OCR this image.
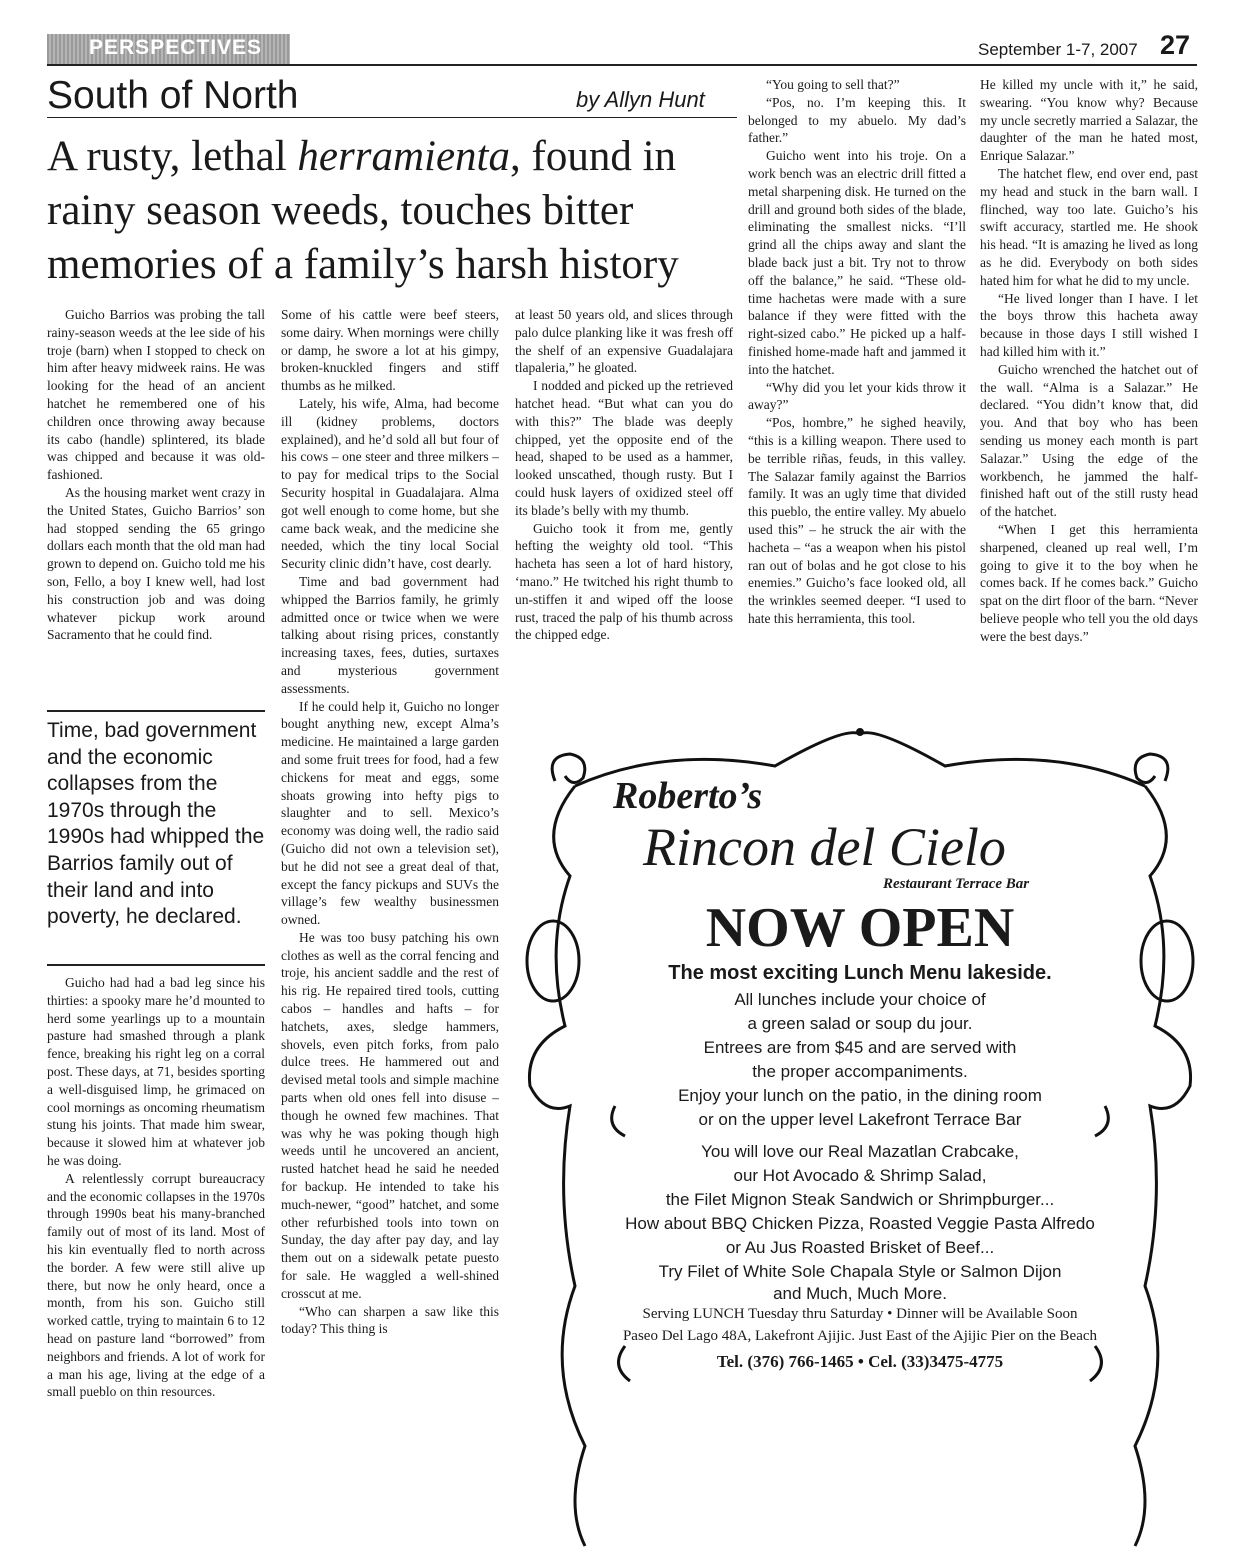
PERSPECTIVES	September 1-7, 2007 27
South of North	by Allyn Hunt
A rusty, lethal herramienta, found in rainy season weeds, touches bitter memories of a family’s harsh history

Guicho Barrios was probing the tall rainy-season weeds at the lee side of his troje (barn) when I stopped to check on him after heavy midweek rains. He was looking for the head of an ancient hatchet he remembered one of his children once throwing away because its cabo (handle) splintered, its blade was chipped and because it was old-fashioned.

As the housing market went crazy in the United States, Guicho Barrios’ son had stopped sending the 65 gringo dollars each month that the old man had grown to depend on. Guicho told me his son, Fello, a boy I knew well, had lost his construction job and was doing whatever pickup work around Sacramento that he could find.

Time, bad government and the economic collapses from the 1970s through the 1990s had whipped the Barrios family out of their land and into poverty, he declared.

Guicho had had a bad leg since his thirties: a spooky mare he’d mounted to herd some yearlings up to a mountain pasture had smashed through a plank fence, breaking his right leg on a corral post. These days, at 71, besides sporting a well-disguised limp, he grimaced on cool mornings as oncoming rheumatism stung his joints. That made him swear, because it slowed him at whatever job he was doing.

A relentlessly corrupt bureaucracy and the economic collapses in the 1970s through 1990s beat his many-branched family out of most of its land. Most of his kin eventually fled to north across the border. A few were still alive up there, but now he only heard, once a month, from his son. Guicho still worked cattle, trying to maintain 6 to 12 head on pasture land “borrowed” from neighbors and friends. A lot of work for a man his age, living at the edge of a small pueblo on thin resources.

Some of his cattle were beef steers, some dairy. When mornings were chilly or damp, he swore a lot at his gimpy, broken-knuckled fingers and stiff thumbs as he milked.

Lately, his wife, Alma, had become ill (kidney problems, doctors explained), and he’d sold all but four of his cows – one steer and three milkers – to pay for medical trips to the Social Security hospital in Guadalajara. Alma got well enough to come home, but she came back weak, and the medicine she needed, which the tiny local Social Security clinic didn’t have, cost dearly.

Time and bad government had whipped the Barrios family, he grimly admitted once or twice when we were talking about rising prices, constantly increasing taxes, fees, duties, surtaxes and mysterious government assessments.

If he could help it, Guicho no longer bought anything new, except Alma’s medicine. He maintained a large garden and some fruit trees for food, had a few chickens for meat and eggs, some shoats growing into hefty pigs to slaughter and to sell. Mexico’s economy was doing well, the radio said (Guicho did not own a television set), but he did not see a great deal of that, except the fancy pickups and SUVs the village’s few wealthy businessmen owned.

He was too busy patching his own clothes as well as the corral fencing and troje, his ancient saddle and the rest of his rig. He repaired tired tools, cutting cabos – handles and hafts – for hatchets, axes, sledge hammers, shovels, even pitch forks, from palo dulce trees. He hammered out and devised metal tools and simple machine parts when old ones fell into disuse – though he owned few machines. That was why he was poking though high weeds until he uncovered an ancient, rusted hatchet head he said he needed for backup. He intended to take his much-newer, “good” hatchet, and some other refurbished tools into town on Sunday, the day after pay day, and lay them out on a sidewalk petate puesto for sale. He waggled a well-shined crosscut at me.

“Who can sharpen a saw like this today? This thing is

at least 50 years old, and slices through palo dulce planking like it was fresh off the shelf of an expensive Guadalajara tlapaleria,” he gloated.

I nodded and picked up the retrieved hatchet head. “But what can you do with this?” The blade was deeply chipped, yet the opposite end of the head, shaped to be used as a hammer, looked unscathed, though rusty. But I could husk layers of oxidized steel off its blade’s belly with my thumb.

Guicho took it from me, gently hefting the weighty old tool. “This hacheta has seen a lot of hard history, ‘mano.” He twitched his right thumb to un-stiffen it and wiped off the loose rust, traced the palp of his thumb across the chipped edge.

“You going to sell that?”

“Pos, no. I’m keeping this. It belonged to my abuelo. My dad’s father.”

Guicho went into his troje. On a work bench was an electric drill fitted a metal sharpening disk. He turned on the drill and ground both sides of the blade, eliminating the smallest nicks. “I’ll grind all the chips away and slant the blade back just a bit. Try not to throw off the balance,” he said. “These old-time hachetas were made with a sure balance if they were fitted with the right-sized cabo.” He picked up a half-finished home-made haft and jammed it into the hatchet.

“Why did you let your kids throw it away?”

“Pos, hombre,” he sighed heavily, “this is a killing weapon. There used to be terrible riñas, feuds, in this valley. The Salazar family against the Barrios family. It was an ugly time that divided this pueblo, the entire valley. My abuelo used this” – he struck the air with the hacheta – “as a weapon when his pistol ran out of bolas and he got close to his enemies.” Guicho’s face looked old, all the wrinkles seemed deeper. “I used to hate this herramienta, this tool.

He killed my uncle with it,” he said, swearing. “You know why? Because my uncle secretly married a Salazar, the daughter of the man he hated most, Enrique Salazar.”

The hatchet flew, end over end, past my head and stuck in the barn wall. I flinched, way too late. Guicho’s his swift accuracy, startled me. He shook his head. “It is amazing he lived as long as he did. Everybody on both sides hated him for what he did to my uncle.

“He lived longer than I have. I let the boys throw this hacheta away because in those days I still wished I had killed him with it.”

Guicho wrenched the hatchet out of the wall. “Alma is a Salazar.” He declared. “You didn’t know that, did you. And that boy who has been sending us money each month is part Salazar.” Using the edge of the workbench, he jammed the half-finished haft out of the still rusty head of the hatchet.

“When I get this herramienta sharpened, cleaned up real well, I’m going to give it to the boy when he comes back. If he comes back.” Guicho spat on the dirt floor of the barn. “Never believe people who tell you the old days were the best days.”

Roberto’s
Rincon del Cielo
Restaurant Terrace Bar
NOW OPEN
The most exciting Lunch Menu lakeside.
All lunches include your choice of
a green salad or soup du jour.
Entrees are from $45 and are served with
the proper accompaniments.
Enjoy your lunch on the patio, in the dining room
or on the upper level Lakefront Terrace Bar
You will love our Real Mazatlan Crabcake,
our Hot Avocado & Shrimp Salad,
the Filet Mignon Steak Sandwich or Shrimpburger...
How about BBQ Chicken Pizza, Roasted Veggie Pasta Alfredo
or Au Jus Roasted Brisket of Beef...
Try Filet of White Sole Chapala Style or Salmon Dijon
and Much, Much More.
Serving LUNCH Tuesday thru Saturday • Dinner will be Available Soon
Paseo Del Lago 48A, Lakefront Ajijic. Just East of the Ajijic Pier on the Beach
Tel. (376) 766-1465 • Cel. (33)3475-4775
